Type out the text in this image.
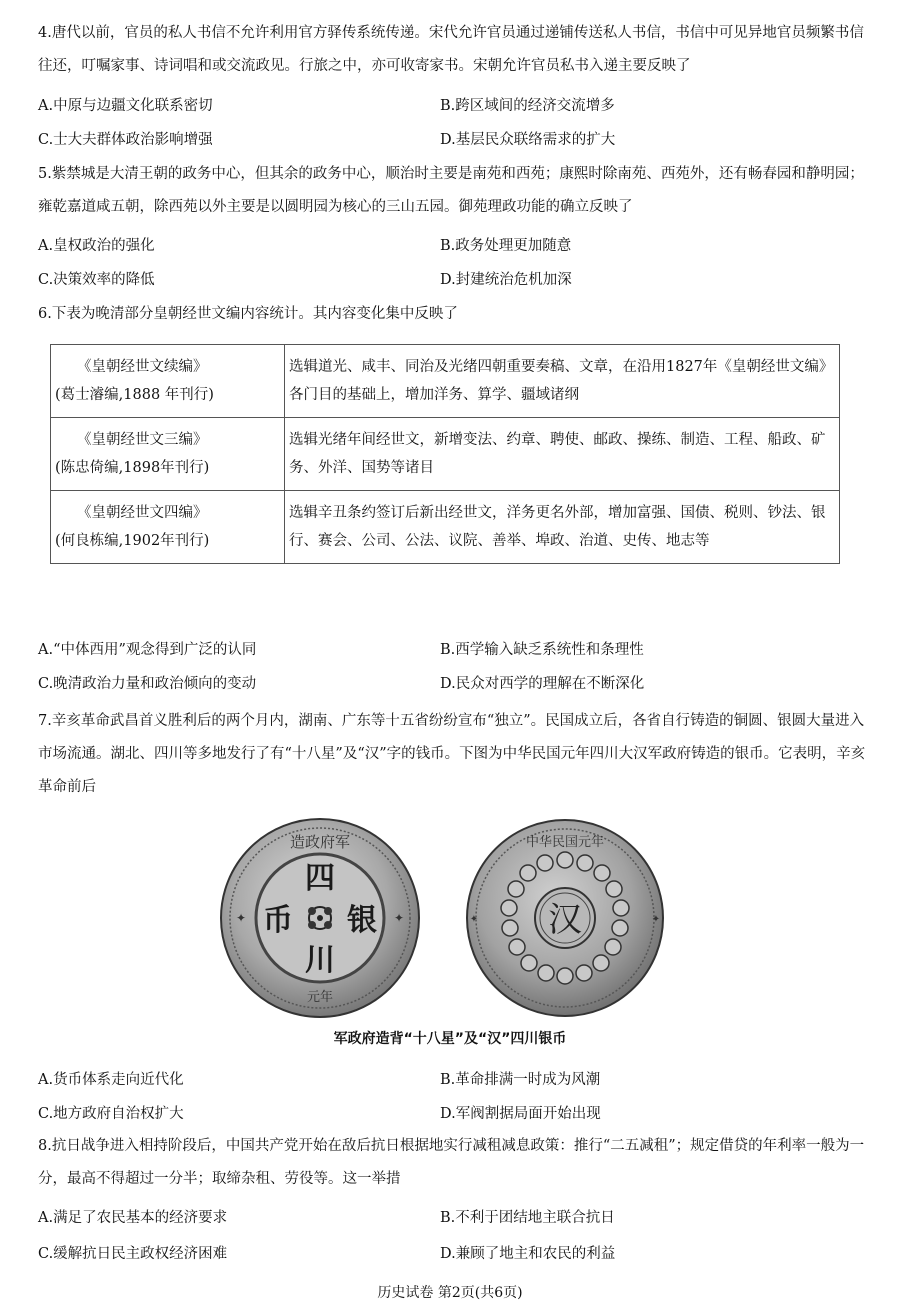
4.唐代以前，官员的私人书信不允许利用官方驿传系统传递。宋代允许官员通过递铺传送私人书信，书信中可见异地官员频繁书信往还，叮嘱家事、诗词唱和或交流政见。行旅之中，亦可收寄家书。宋朝允许官员私书入递主要反映了

A.中原与边疆文化联系密切	B.跨区域间的经济交流增多
C.士大夫群体政治影响增强	D.基层民众联络需求的扩大

5.紫禁城是大清王朝的政务中心，但其余的政务中心，顺治时主要是南苑和西苑；康熙时除南苑、西苑外，还有畅春园和静明园；雍乾嘉道咸五朝，除西苑以外主要是以圆明园为核心的三山五园。御苑理政功能的确立反映了

A.皇权政治的强化	B.政务处理更加随意
C.决策效率的降低	D.封建统治危机加深

6.下表为晚清部分皇朝经世文编内容统计。其内容变化集中反映了

《皇朝经世文续编》
(葛士濬编,1888 年刊行)	选辑道光、咸丰、同治及光绪四朝重要奏稿、文章，在沿用1827年《皇朝经世文编》各门目的基础上，增加洋务、算学、疆域诸纲

《皇朝经世文三编》
(陈忠倚编,1898年刊行)	选辑光绪年间经世文，新增变法、约章、聘使、邮政、操练、制造、工程、船政、矿务、外洋、国势等诸目

《皇朝经世文四编》
(何良栋编,1902年刊行)	选辑辛丑条约签订后新出经世文，洋务更名外部，增加富强、国债、税则、钞法、银行、赛会、公司、公法、议院、善举、埠政、治道、史传、地志等
A.“中体西用”观念得到广泛的认同	B.西学输入缺乏系统性和条理性
C.晚清政治力量和政治倾向的变动	D.民众对西学的理解在不断深化

7.辛亥革命武昌首义胜利后的两个月内，湖南、广东等十五省纷纷宣布“独立”。民国成立后，各省自行铸造的铜圆、银圆大量进入市场流通。湖北、四川等多地发行了有“十八星”及“汉”字的钱币。下图为中华民国元年四川大汉军政府铸造的银币。它表明，辛亥革命前后

造政府军
元年
✦	✦
四
币 银
川
中华民国元年
汉
✦	✦
军政府造背“十八星”及“汉”四川银币
A.货币体系走向近代化	B.革命排满一时成为风潮
C.地方政府自治权扩大	D.军阀割据局面开始出现

8.抗日战争进入相持阶段后，中国共产党开始在敌后抗日根据地实行减租减息政策：推行“二五减租”；规定借贷的年利率一般为一分，最高不得超过一分半；取缔杂租、劳役等。这一举措

A.满足了农民基本的经济要求	B.不利于团结地主联合抗日
C.缓解抗日民主政权经济困难	D.兼顾了地主和农民的利益
历史试卷 第2页(共6页)
